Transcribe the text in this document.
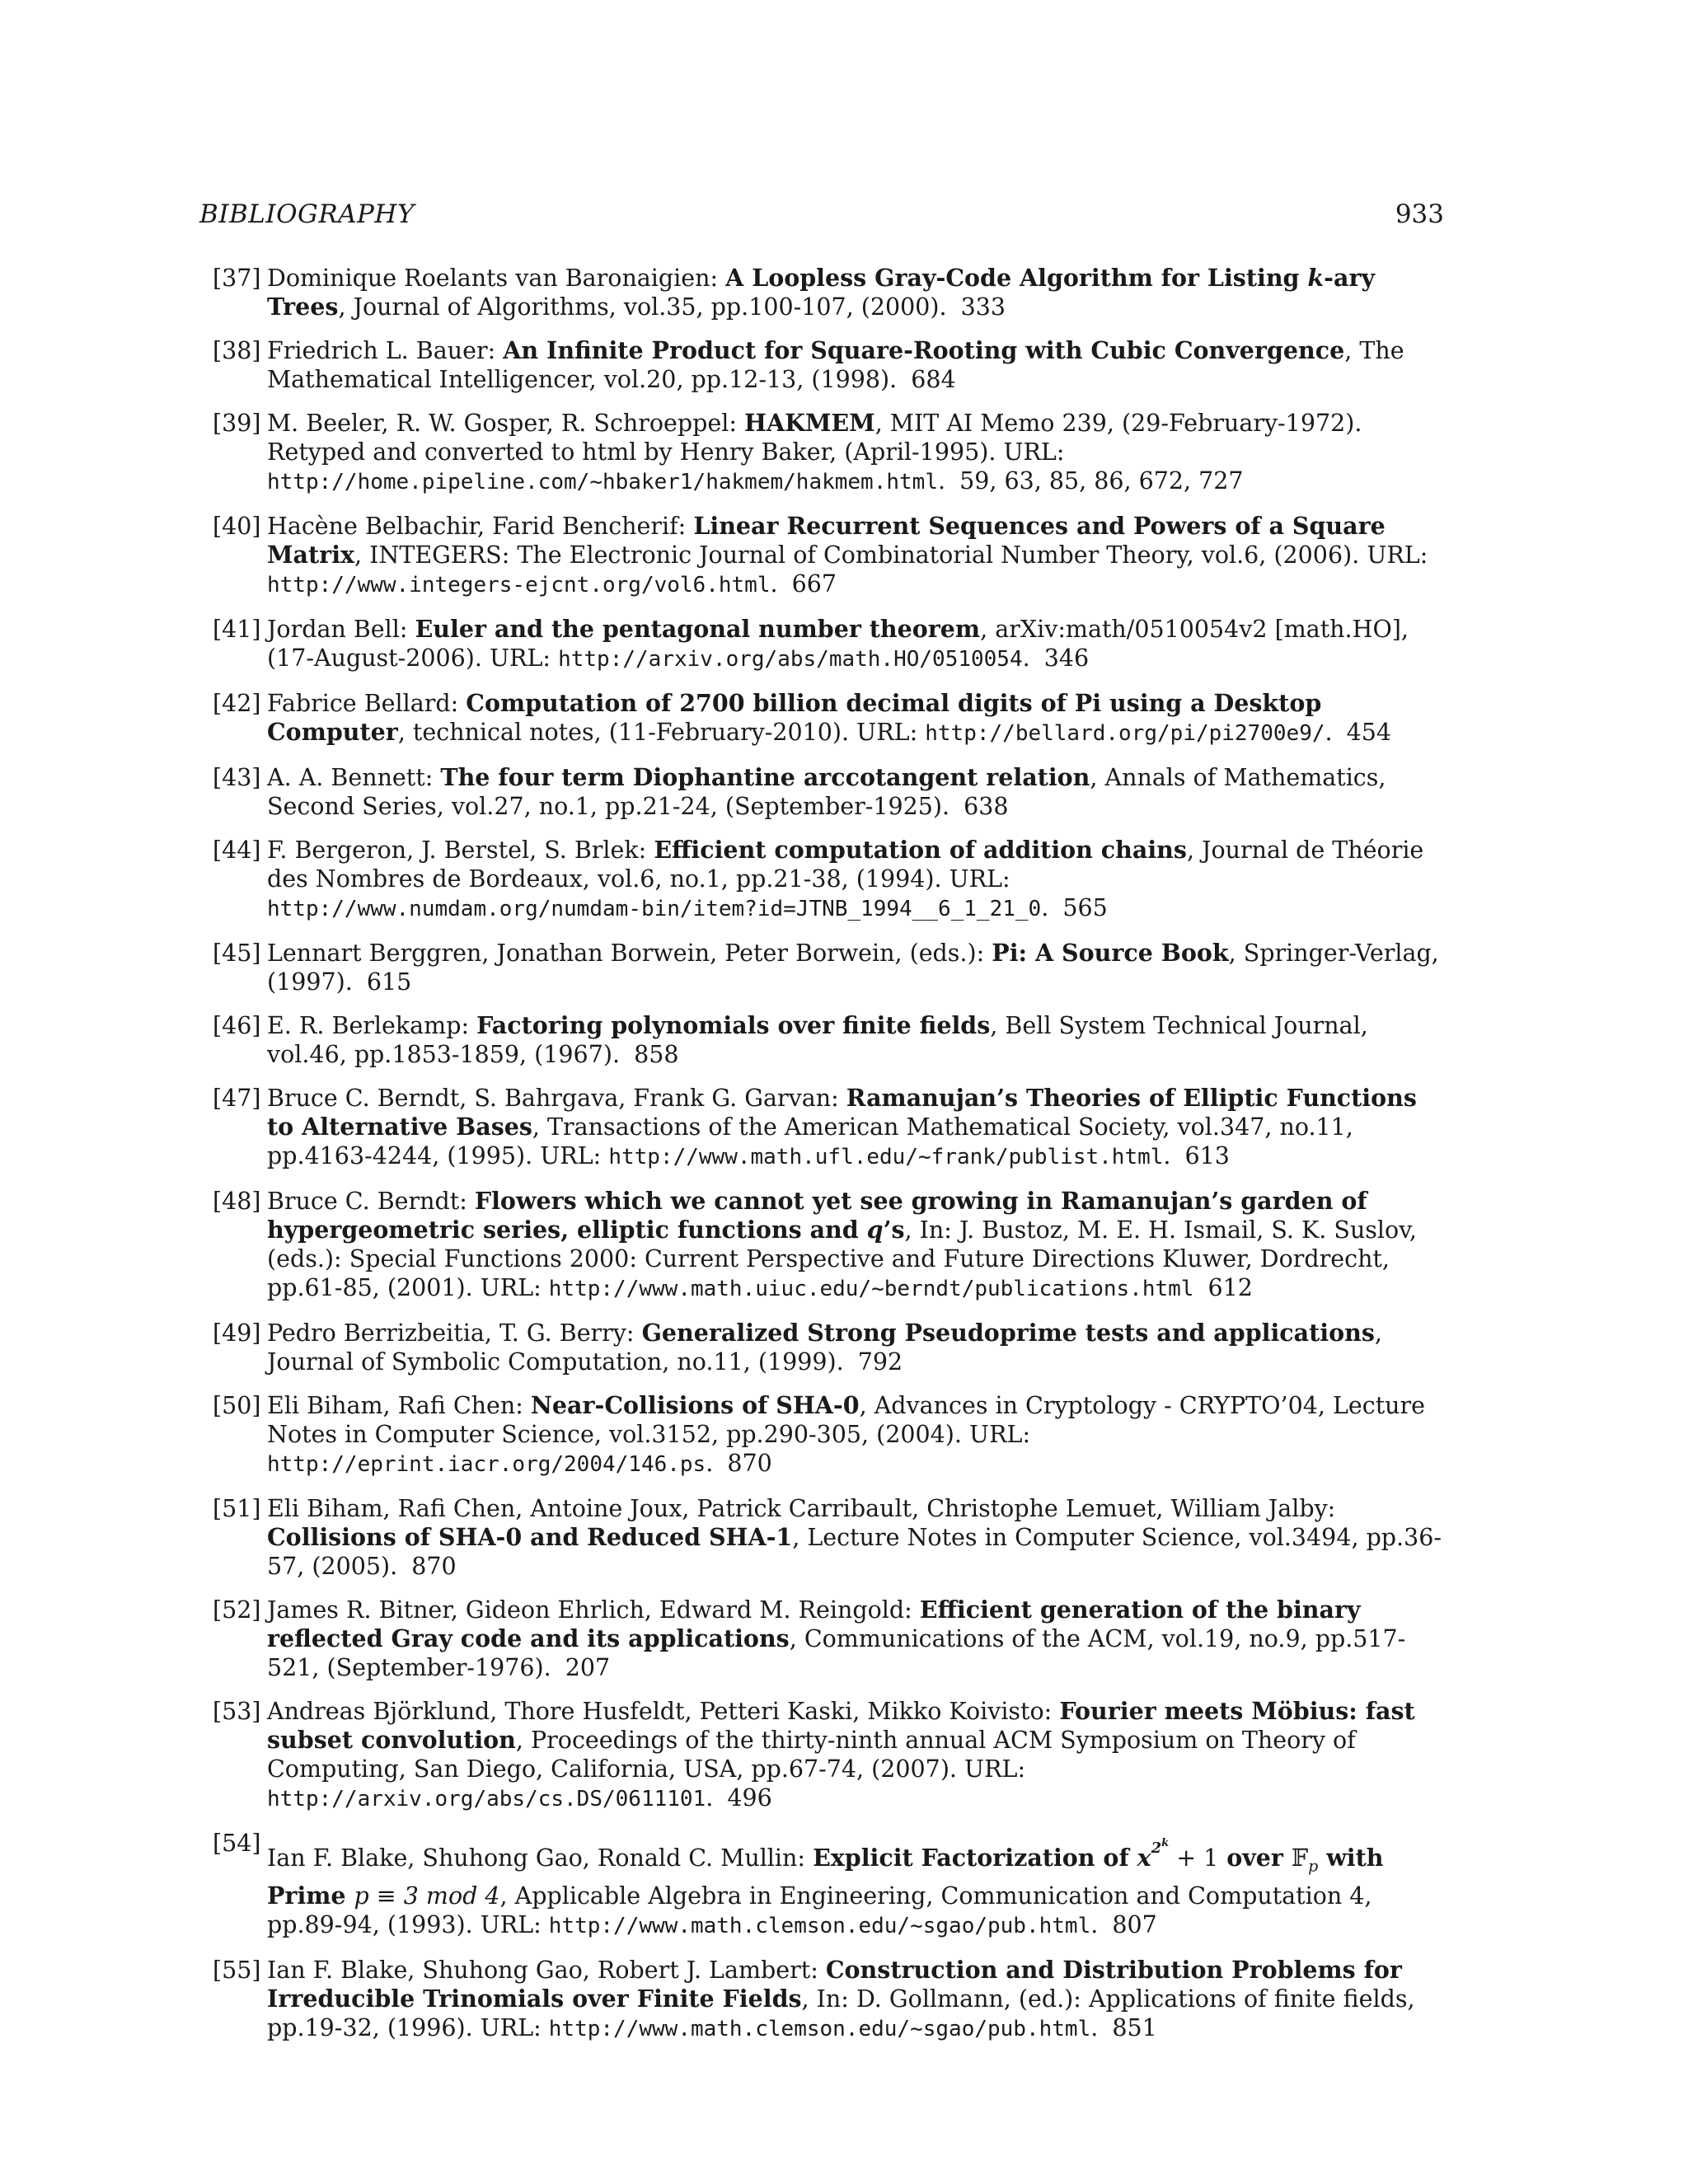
BIBLIOGRAPHY	933
[37] Dominique Roelants van Baronaigien: A Loopless Gray-Code Algorithm for Listing k-ary Trees, Journal of Algorithms, vol.35, pp.100-107, (2000). 333
[38] Friedrich L. Bauer: An Infinite Product for Square-Rooting with Cubic Convergence, The Mathematical Intelligencer, vol.20, pp.12-13, (1998). 684
[39] M. Beeler, R. W. Gosper, R. Schroeppel: HAKMEM, MIT AI Memo 239, (29-February-1972). Retyped and converted to html by Henry Baker, (April-1995). URL:
http://home.pipeline.com/~hbaker1/hakmem/hakmem.html. 59, 63, 85, 86, 672, 727
[40] Hacène Belbachir, Farid Bencherif: Linear Recurrent Sequences and Powers of a Square Matrix, INTEGERS: The Electronic Journal of Combinatorial Number Theory, vol.6, (2006). URL: http://www.integers-ejcnt.org/vol6.html. 667
[41] Jordan Bell: Euler and the pentagonal number theorem, arXiv:math/0510054v2 [math.HO], (17-August-2006). URL: http://arxiv.org/abs/math.HO/0510054. 346
[42] Fabrice Bellard: Computation of 2700 billion decimal digits of Pi using a Desktop Computer, technical notes, (11-February-2010). URL: http://bellard.org/pi/pi2700e9/. 454
[43] A. A. Bennett: The four term Diophantine arccotangent relation, Annals of Mathematics, Second Series, vol.27, no.1, pp.21-24, (September-1925). 638
[44] F. Bergeron, J. Berstel, S. Brlek: Efficient computation of addition chains, Journal de Théorie des Nombres de Bordeaux, vol.6, no.1, pp.21-38, (1994). URL:
http://www.numdam.org/numdam-bin/item?id=JTNB_1994__6_1_21_0. 565
[45] Lennart Berggren, Jonathan Borwein, Peter Borwein, (eds.): Pi: A Source Book, Springer-Verlag, (1997). 615
[46] E. R. Berlekamp: Factoring polynomials over finite fields, Bell System Technical Journal, vol.46, pp.1853-1859, (1967). 858
[47] Bruce C. Berndt, S. Bahrgava, Frank G. Garvan: Ramanujan’s Theories of Elliptic Functions to Alternative Bases, Transactions of the American Mathematical Society, vol.347, no.11, pp.4163-4244, (1995). URL: http://www.math.ufl.edu/~frank/publist.html. 613
[48] Bruce C. Berndt: Flowers which we cannot yet see growing in Ramanujan’s garden of hypergeometric series, elliptic functions and q’s, In: J. Bustoz, M. E. H. Ismail, S. K. Suslov, (eds.): Special Functions 2000: Current Perspective and Future Directions Kluwer, Dordrecht, pp.61-85, (2001). URL: http://www.math.uiuc.edu/~berndt/publications.html 612
[49] Pedro Berrizbeitia, T. G. Berry: Generalized Strong Pseudoprime tests and applications, Journal of Symbolic Computation, no.11, (1999). 792
[50] Eli Biham, Rafi Chen: Near-Collisions of SHA-0, Advances in Cryptology - CRYPTO’04, Lecture Notes in Computer Science, vol.3152, pp.290-305, (2004). URL:
http://eprint.iacr.org/2004/146.ps. 870
[51] Eli Biham, Rafi Chen, Antoine Joux, Patrick Carribault, Christophe Lemuet, William Jalby: Collisions of SHA-0 and Reduced SHA-1, Lecture Notes in Computer Science, vol.3494, pp.36-57, (2005). 870
[52] James R. Bitner, Gideon Ehrlich, Edward M. Reingold: Efficient generation of the binary reflected Gray code and its applications, Communications of the ACM, vol.19, no.9, pp.517-521, (September-1976). 207
[53] Andreas Björklund, Thore Husfeldt, Petteri Kaski, Mikko Koivisto: Fourier meets Möbius: fast subset convolution, Proceedings of the thirty-ninth annual ACM Symposium on Theory of Computing, San Diego, California, USA, pp.67-74, (2007). URL:
http://arxiv.org/abs/cs.DS/0611101. 496
[54]
Ian F. Blake, Shuhong Gao, Ronald C. Mullin: Explicit Factorization of $x^{2^k} + 1$ over 𝔽$_p$ with Prime p ≡ 3 mod 4, Applicable Algebra in Engineering, Communication and Computation 4, pp.89-94, (1993). URL: http://www.math.clemson.edu/~sgao/pub.html. 807
[55] Ian F. Blake, Shuhong Gao, Robert J. Lambert: Construction and Distribution Problems for Irreducible Trinomials over Finite Fields, In: D. Gollmann, (ed.): Applications of finite fields, pp.19-32, (1996). URL: http://www.math.clemson.edu/~sgao/pub.html. 851
